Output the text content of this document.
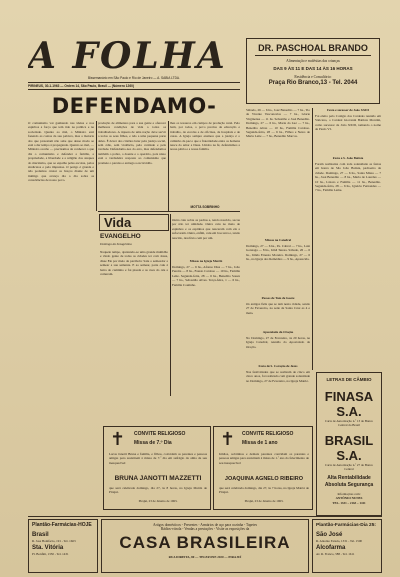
A FOLHA
Bissemanário em São Paulo e Rio de Janeiro — A. SABIA LTDA.
PIRINEUS, 30-1-1963 — Ordem 14, São Paulo, Brasil — (Número 1260)
DEFENDAMO-
O comunismo vai ganhando nas ideias e nos espíritos a força que tem tido na política e na sociedade. Quanto ao mal, o Ministro está fazendo as contas da sua palavra, mas a maioria dos que protestam não sabe que desse modo se está a dar tempo à propaganda. Quanto ao mal, — Ministro ou não — precisamos de conhecer o que diz o comunismo e defender a família, a propriedade, a liberdade e a religião dos ataques do marxismo, que se espalha pelas escolas, pelos sindicatos e pela imprensa. O perigo é grande e não podemos cruzar os braços diante de um inimigo que avança dia a dia sobre as consciências de nosso povo.
produção de alimentos para a sua gente e oferecer melhores condições de vida a todos os trabalhadores. A riqueza de uma nação deve servir a todos os seus filhos, e não a uma pequena parte deles. É dever dos cristãos lutar pela justiça social, sem ódio, sem violência, pela caridade e pela verdade. Defendamo-nos do erro, mas defendamos também o pobre, o doente e o operário, pois nisso está a verdadeira resposta ao comunismo que promete o paraíso e entrega a escravidão.
lhes os tesouros em campos de produção rural. Pelo bem, por todos, o povo precisa de educação e trabalho, de escolas e de oficinas, de hospitais e de casas. A Igreja sempre ensinou que a justiça é o caminho da paz e que a fraternidade entre os homens nasce do amor a Deus. Unidos na fé, defendamos a nossa pátria e a nossa família.
MOTTA SOBRINHO
Vida
EVANGELHO
Domingo da Sexagésima
Naquele tempo, ajuntando-se uma grande multidão e vindo gente de todas as cidades ter com Jesus, disse Ele por meio de parábola: Saiu o semeador a semear a sua semente. E ao semear, parte caiu à beira do caminho e foi pisada e as aves do céu a comeram.
Outra caiu sobre as pedras e, tendo nascido, secou por não ter umidade. Outra caiu no meio de espinhos e os espinhos que nasceram com ela a sufocaram. Outra, enfim, caiu em boa terra e, tendo nascido, deu fruto cem por um.
Missas na Igreja Matriz
Domingo, 27 — 6 hs., Afonso Dias — 7 hs., João Pereira — 8 hs., Fausto Cardoso — 10 hs., Família Leite. Segunda-feira, 28 — 6 hs., Benedito Souza — 7 hs., Sebastião Alves. Terça-feira, 1 — 6 hs., Família Coutinho.
DR. PASCHOAL BRANDO
Alimentação e moléstias das crianças
DAS 9 ÀS 11 E DAS 14 ÀS 16 HORAS
Residência e Consultório:
Praça Rio Branco,13 - Tel. 2044
Sábado, 26 — 6 hs., José Benedito — 7 hs., Tio de Vicente Vasconcelos — 7 hs., Glorie Virginense — 11 hs. Sebastião e José Benedito. Domingo, 27 — 6 hs., Maria da Luz — 7 hs., Benedito Alves — 10 hs., Família Cardoso. Segunda-feira, 28 — 6 hs., Filhos e Netos de Maria Leite — 7 hs., Benedito Marcos.
Missas na Catedral
Domingo, 27 — 6 hs., Pe. Cabral — 7 hs., Luiz Gonzaga — 8 hs., Irmã Teresa. Sábado, 26 — 6 hs., Irmão Ernesto Moreira. Domingo, 27 — 6 hs., na Igreja dos Remédios — 9 hs., Aparecida.
Passos de Tom de Goeze
Os antigos fiéis que se tem nesta cidade, sendo 27 de Fevereiro, na sede de Santa Cruz as 4 e meia.
Apostolado da Oração
No Domingo, 27 de Fevereiro, às 20 horas, na Igreja Catedral, reunião do Apostolado da Oração.
Festa de S. Coração de Jesus
Nas festividades que se realizam de cinco em cinco anos, foi realizada com grande solenidade no Domingo, 27 de Fevereiro, na Igreja Matriz.
Festa e sucessor de João XXIII
Foi eleito pelo Colégio dos Cardeais reunido em Vaticano, o Cardeal Giovanni Battista Montini, como sucessor de João XXIII, tomando o nome de Paulo VI.
Festa a S. João Batista
Foram realizadas com toda solenidade as festas em honra de São João Batista, padroeiro da cidade. Domingo, 27 — 6 hs., Santa Missa — 7 hs., José Benedito — 8 hs., Maria de Lourdes — 10 hs., Lázaro e Família — 11 hs., Benedito. Segunda-feira, 28 — 6 hs., Ignácio Fernandes — 7 hs., Família Leme.
LETRAS DE CÂMBIO
FINASA S.A.
Carta de Autorização n.º 13 do Banco Central do Brasil
BRASIL S.A.
Carta de Autorização n.º 27 do Banco Central
Alta Rentabilidade
Absoluta Segurança
Informações com:
ANTÔNIO NUNES
TEL. 1331 – 2163 – 1411
✝ CONVITE RELIGIOSO
Missa de 7.º Dia
Lucas Janotti Bruna e família, e filhos, convidam os parentes e pessoas amigas para assistirem à missa de 7.º dia em sufrágio da alma de seu inesquecível
BRUNA JANOTTI MAZZETTI
que será celebrada domingo, dia 27, às 8 horas, na Igreja Matriz de Pirajuí.
Pirajuí, 23 de Janeiro de 1963.
✝ CONVITE RELIGIOSO
Missa de 1 ano
Irmãos, sobrinhos e demais parentes convidam os parentes e pessoas amigas para assistirem à missa de 1.º ano do falecimento de seu inesquecível
JOAQUINA AGNELO RIBEIRO
que será celebrada domingo, dia 27, às 7 horas, na Igreja Matriz de Pirajuí.
Pirajuí, 23 de Janeiro de 1963.
Plantão-Farmácias-HOJE
Brasil
R. Jose Bonifacio, 191 - Tel. 1663
Sta. Vitória
Pl. Bonfim, 1350 - Tel. 1431
Artigos domésticos - Presentes - Armários de aço para cozinha - Tapetes
Rádios-vitrola - Vendas a prestações - Visite as exposições da
CASA BRASILEIRA
RUA DIREITA, 80 — TELEFONE 2100 — PIRAJUÍ
Plantão-Farmácias-Dia 25:
São José
R. Antonio Estado, 1331 - Tel. 1500
Alcofarma
Av. R. Franco, 588 - Tel. 1611
